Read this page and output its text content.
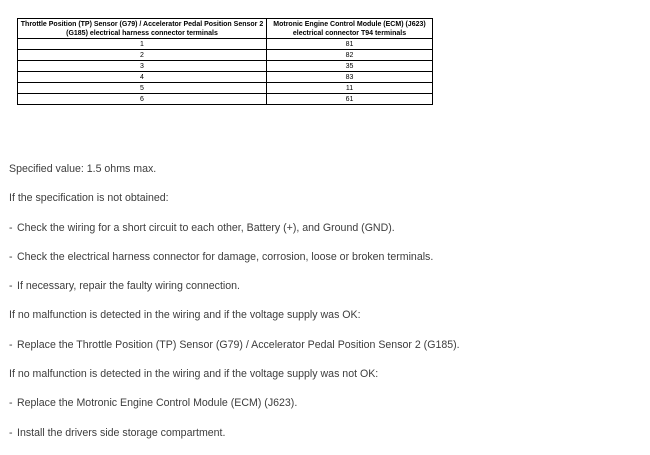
Throttle Position (TP) Sensor (G79) / Accelerator Pedal Position Sensor 2 (G185) electrical harness connector terminals	Motronic Engine Control Module (ECM) (J623) electrical connector T94 terminals
1	81
2	82
3	35
4	83
5	11
6	61

Specified value: 1.5 ohms max.

If the specification is not obtained:

- Check the wiring for a short circuit to each other, Battery (+), and Ground (GND).

- Check the electrical harness connector for damage, corrosion, loose or broken terminals.

- If necessary, repair the faulty wiring connection.

If no malfunction is detected in the wiring and if the voltage supply was OK:

- Replace the Throttle Position (TP) Sensor (G79) / Accelerator Pedal Position Sensor 2 (G185).

If no malfunction is detected in the wiring and if the voltage supply was not OK:

- Replace the Motronic Engine Control Module (ECM) (J623).

- Install the drivers side storage compartment.
